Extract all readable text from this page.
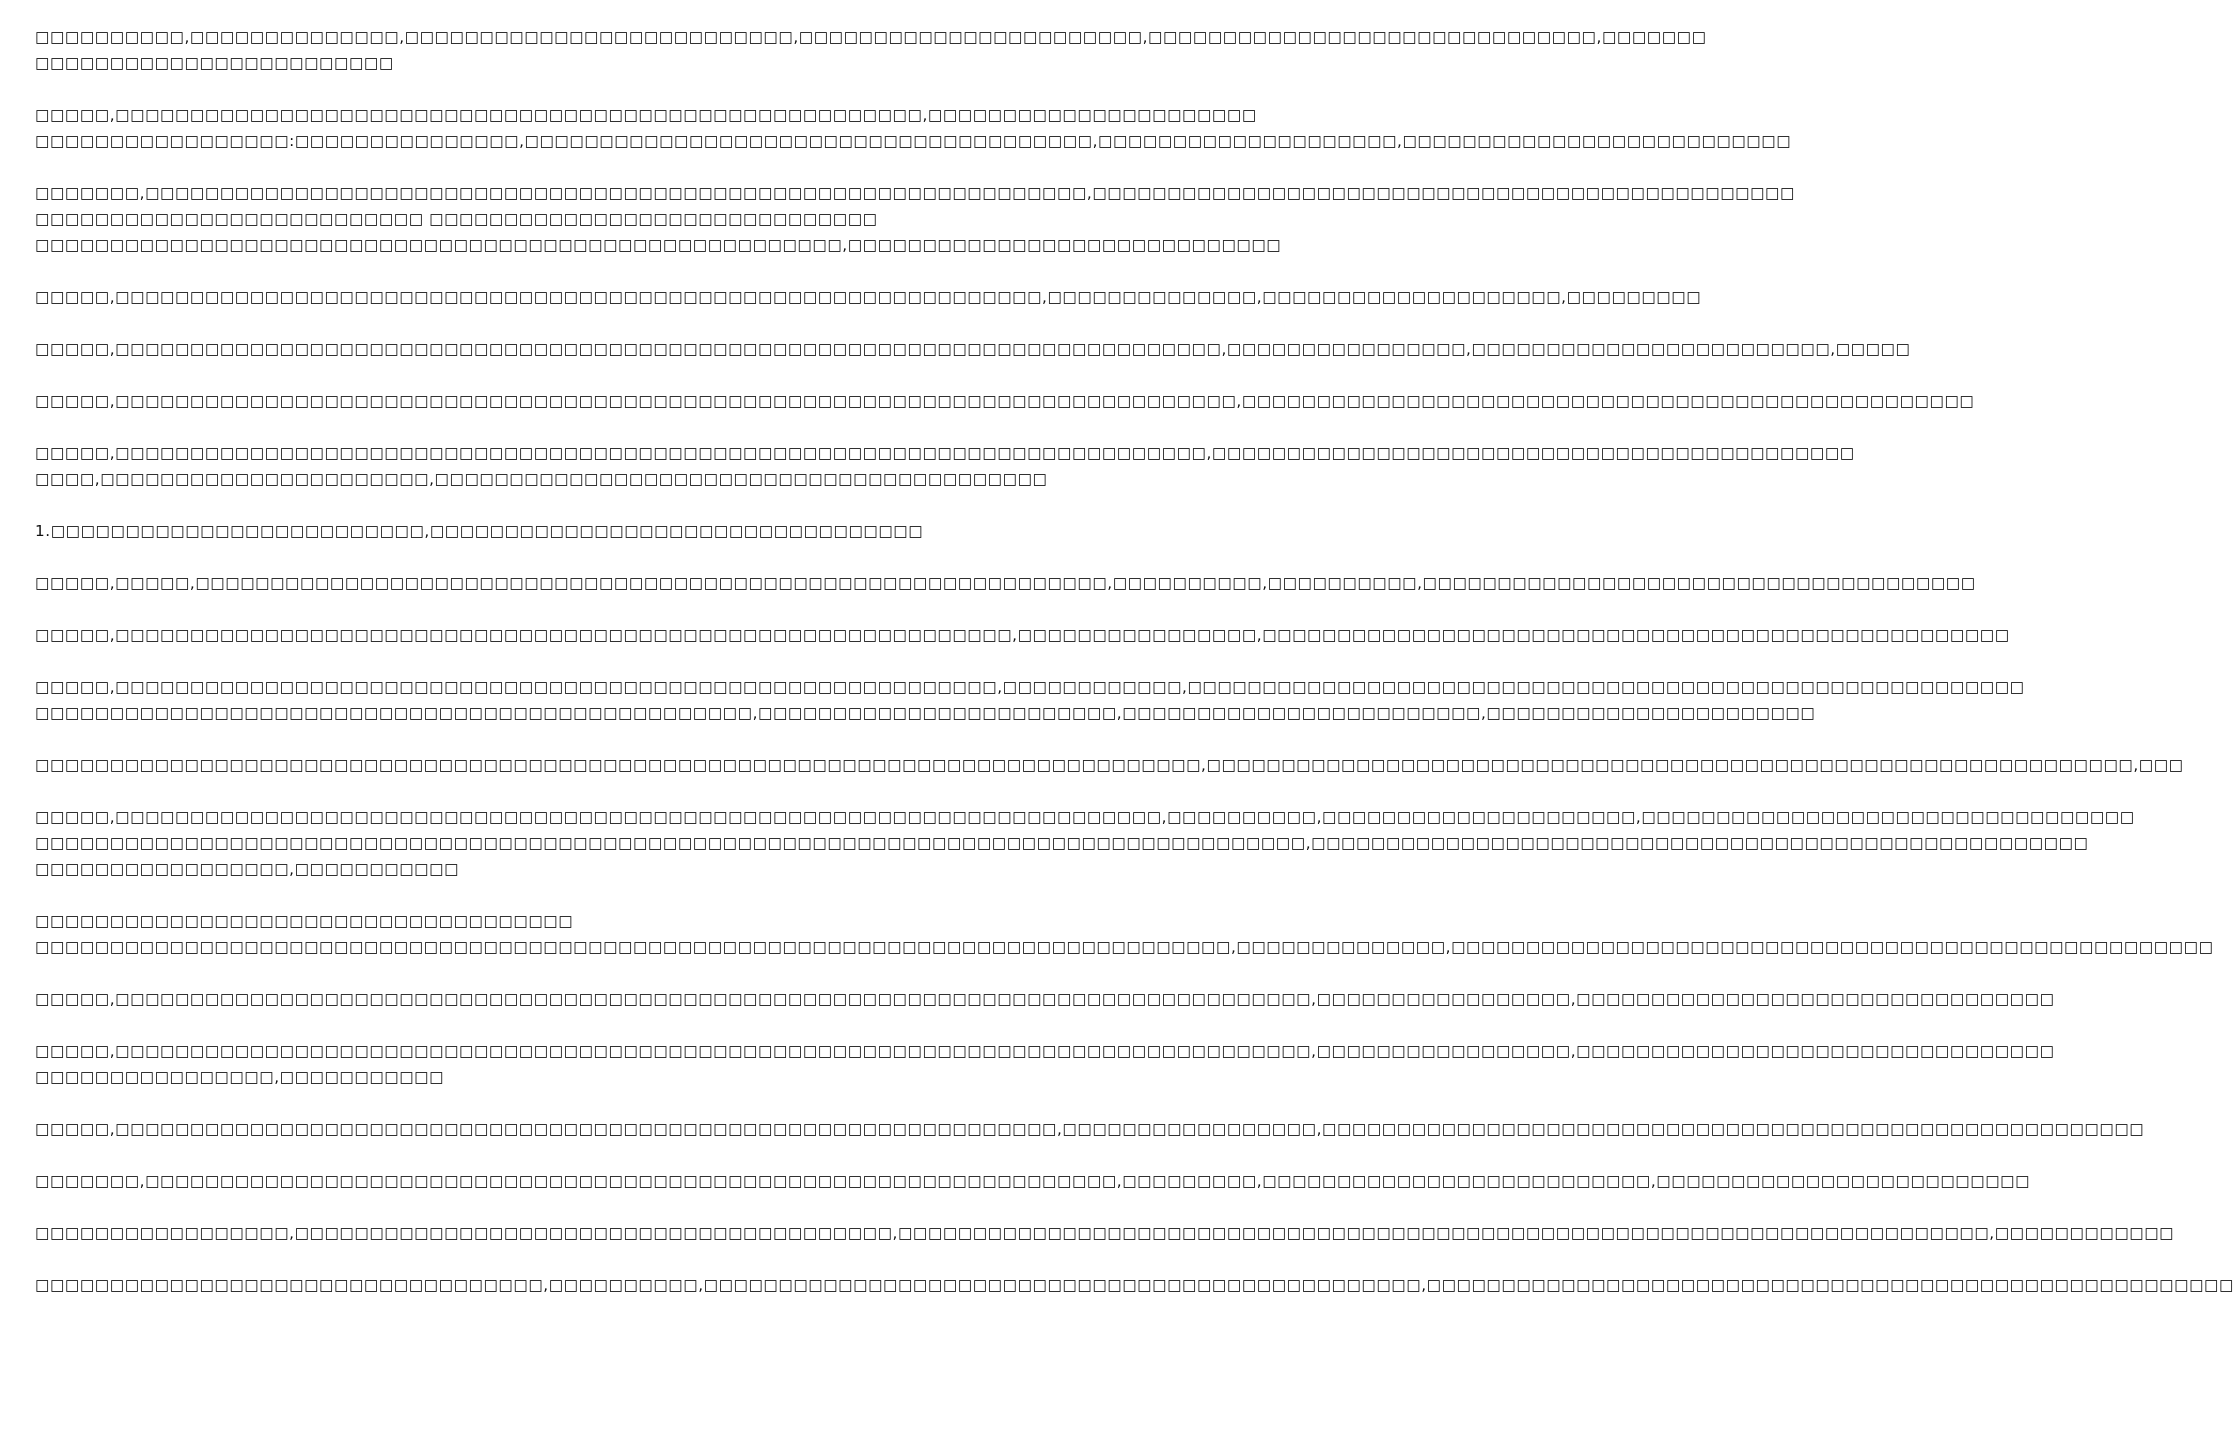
□□□□□□□□□□,□□□□□□□□□□□□□□,□□□□□□□□□□□□□□□□□□□□□□□□□□,□□□□□□□□□□□□□□□□□□□□□□□,□□□□□□□□□□□□□□□□□□□□□□□□□□□□□□,□□□□□□□
□□□□□□□□□□□□□□□□□□□□□□□□
□□□□□,□□□□□□□□□□□□□□□□□□□□□□□□□□□□□□□□□□□□□□□□□□□□□□□□□□□□□□,□□□□□□□□□□□□□□□□□□□□□□
□□□□□□□□□□□□□□□□□:□□□□□□□□□□□□□□□,□□□□□□□□□□□□□□□□□□□□□□□□□□□□□□□□□□□□□□,□□□□□□□□□□□□□□□□□□□□,□□□□□□□□□□□□□□□□□□□□□□□□□□
□□□□□□□,□□□□□□□□□□□□□□□□□□□□□□□□□□□□□□□□□□□□□□□□□□□□□□□□□□□□□□□□□□□□□□□,□□□□□□□□□□□□□□□□□□□□□□□□□□□□□□□□□□□□□□□□□□□□□□□
□□□□□□□□□□□□□□□□□□□□□□□□□□ □□□□□□□□□□□□□□□□□□□□□□□□□□□□□□
□□□□□□□□□□□□□□□□□□□□□□□□□□□□□□□□□□□□□□□□□□□□□□□□□□□□□□,□□□□□□□□□□□□□□□□□□□□□□□□□□□□□
□□□□□,□□□□□□□□□□□□□□□□□□□□□□□□□□□□□□□□□□□□□□□□□□□□□□□□□□□□□□□□□□□□□□,□□□□□□□□□□□□□□,□□□□□□□□□□□□□□□□□□□□,□□□□□□□□□
□□□□□,□□□□□□□□□□□□□□□□□□□□□□□□□□□□□□□□□□□□□□□□□□□□□□□□□□□□□□□□□□□□□□□□□□□□□□□□□□,□□□□□□□□□□□□□□□□,□□□□□□□□□□□□□□□□□□□□□□□□,□□□□□
□□□□□,□□□□□□□□□□□□□□□□□□□□□□□□□□□□□□□□□□□□□□□□□□□□□□□□□□□□□□□□□□□□□□□□□□□□□□□□□□□,□□□□□□□□□□□□□□□□□□□□□□□□□□□□□□□□□□□□□□□□□□□□□□□□□
□□□□□,□□□□□□□□□□□□□□□□□□□□□□□□□□□□□□□□□□□□□□□□□□□□□□□□□□□□□□□□□□□□□□□□□□□□□□□□□,□□□□□□□□□□□□□□□□□□□□□□□□□□□□□□□□□□□□□□□□□□□
□□□□,□□□□□□□□□□□□□□□□□□□□□□,□□□□□□□□□□□□□□□□□□□□□□□□□□□□□□□□□□□□□□□□□
1.□□□□□□□□□□□□□□□□□□□□□□□□□,□□□□□□□□□□□□□□□□□□□□□□□□□□□□□□□□□
□□□□□,□□□□□,□□□□□□□□□□□□□□□□□□□□□□□□□□□□□□□□□□□□□□□□□□□□□□□□□□□□□□□□□□□□□,□□□□□□□□□□,□□□□□□□□□□,□□□□□□□□□□□□□□□□□□□□□□□□□□□□□□□□□□□□□
□□□□□,□□□□□□□□□□□□□□□□□□□□□□□□□□□□□□□□□□□□□□□□□□□□□□□□□□□□□□□□□□□□,□□□□□□□□□□□□□□□□,□□□□□□□□□□□□□□□□□□□□□□□□□□□□□□□□□□□□□□□□□□□□□□□□□□
□□□□□,□□□□□□□□□□□□□□□□□□□□□□□□□□□□□□□□□□□□□□□□□□□□□□□□□□□□□□□□□□□,□□□□□□□□□□□□,□□□□□□□□□□□□□□□□□□□□□□□□□□□□□□□□□□□□□□□□□□□□□□□□□□□□□□□□
□□□□□□□□□□□□□□□□□□□□□□□□□□□□□□□□□□□□□□□□□□□□□□□□,□□□□□□□□□□□□□□□□□□□□□□□□,□□□□□□□□□□□□□□□□□□□□□□□□,□□□□□□□□□□□□□□□□□□□□□□
□□□□□□□□□□□□□□□□□□□□□□□□□□□□□□□□□□□□□□□□□□□□□□□□□□□□□□□□□□□□□□□□□□□□□□□□□□□□□□,□□□□□□□□□□□□□□□□□□□□□□□□□□□□□□□□□□□□□□□□□□□□□□□□□□□□□□□□□□□□□□,□□□
□□□□□,□□□□□□□□□□□□□□□□□□□□□□□□□□□□□□□□□□□□□□□□□□□□□□□□□□□□□□□□□□□□□□□□□□□□□□,□□□□□□□□□□,□□□□□□□□□□□□□□□□□□□□□,□□□□□□□□□□□□□□□□□□□□□□□□□□□□□□□□□
□□□□□□□□□□□□□□□□□□□□□□□□□□□□□□□□□□□□□□□□□□□□□□□□□□□□□□□□□□□□□□□□□□□□□□□□□□□□□□□□□□□□□,□□□□□□□□□□□□□□□□□□□□□□□□□□□□□□□□□□□□□□□□□□□□□□□□□□□□
□□□□□□□□□□□□□□□□□,□□□□□□□□□□□
□□□□□□□□□□□□□□□□□□□□□□□□□□□□□□□□□□□□
□□□□□□□□□□□□□□□□□□□□□□□□□□□□□□□□□□□□□□□□□□□□□□□□□□□□□□□□□□□□□□□□□□□□□□□□□□□□□□□□,□□□□□□□□□□□□□□,□□□□□□□□□□□□□□□□□□□□□□□□□□□□□□□□□□□□□□□□□□□□□□□□□□□
□□□□□,□□□□□□□□□□□□□□□□□□□□□□□□□□□□□□□□□□□□□□□□□□□□□□□□□□□□□□□□□□□□□□□□□□□□□□□□□□□□□□□□,□□□□□□□□□□□□□□□□□,□□□□□□□□□□□□□□□□□□□□□□□□□□□□□□□□
□□□□□,□□□□□□□□□□□□□□□□□□□□□□□□□□□□□□□□□□□□□□□□□□□□□□□□□□□□□□□□□□□□□□□□□□□□□□□□□□□□□□□□,□□□□□□□□□□□□□□□□□,□□□□□□□□□□□□□□□□□□□□□□□□□□□□□□□□
□□□□□□□□□□□□□□□□,□□□□□□□□□□□
□□□□□,□□□□□□□□□□□□□□□□□□□□□□□□□□□□□□□□□□□□□□□□□□□□□□□□□□□□□□□□□□□□□□□,□□□□□□□□□□□□□□□□□,□□□□□□□□□□□□□□□□□□□□□□□□□□□□□□□□□□□□□□□□□□□□□□□□□□□□□□□
□□□□□□□,□□□□□□□□□□□□□□□□□□□□□□□□□□□□□□□□□□□□□□□□□□□□□□□□□□□□□□□□□□□□□□□□□,□□□□□□□□□,□□□□□□□□□□□□□□□□□□□□□□□□□□,□□□□□□□□□□□□□□□□□□□□□□□□□
□□□□□□□□□□□□□□□□□,□□□□□□□□□□□□□□□□□□□□□□□□□□□□□□□□□□□□□□□□,□□□□□□□□□□□□□□□□□□□□□□□□□□□□□□□□□□□□□□□□□□□□□□□□□□□□□□□□□□□□□□□□□□□□□□□□□,□□□□□□□□□□□□
□□□□□□□□□□□□□□□□□□□□□□□□□□□□□□□□□□,□□□□□□□□□□,□□□□□□□□□□□□□□□□□□□□□□□□□□□□□□□□□□□□□□□□□□□□□□□□,□□□□□□□□□□□□□□□□□□□□□□□□□□□□□□□□□□□□□□□□□□□□□□□□□□□□□□
